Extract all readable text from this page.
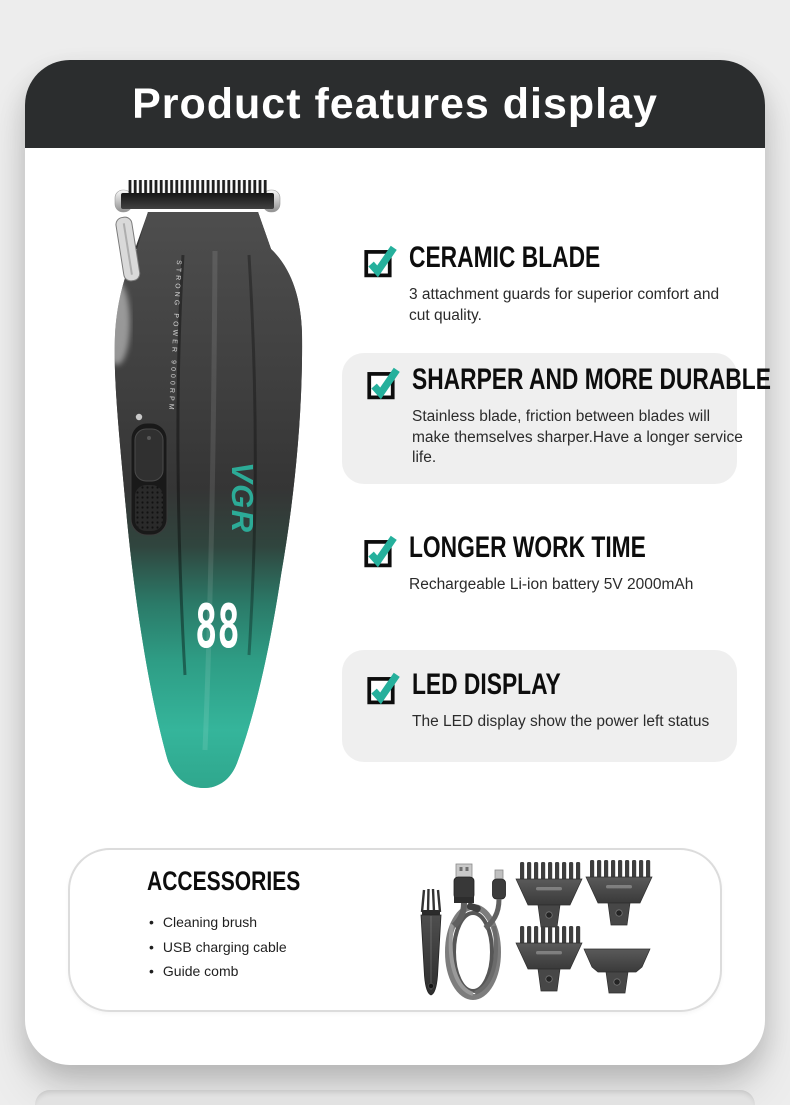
Product features display
STRONG POWER 9000RPM
VGR
88
CERAMIC BLADE

3 attachment guards for superior comfort and cut quality.

SHARPER AND MORE DURABLE

Stainless blade, friction between blades will make themselves sharper.Have a longer service life.

LONGER WORK TIME

Rechargeable Li-ion battery 5V 2000mAh

LED DISPLAY

The LED display show the power left status

ACCESSORIES
• Cleaning brush
• USB charging cable
• Guide comb
